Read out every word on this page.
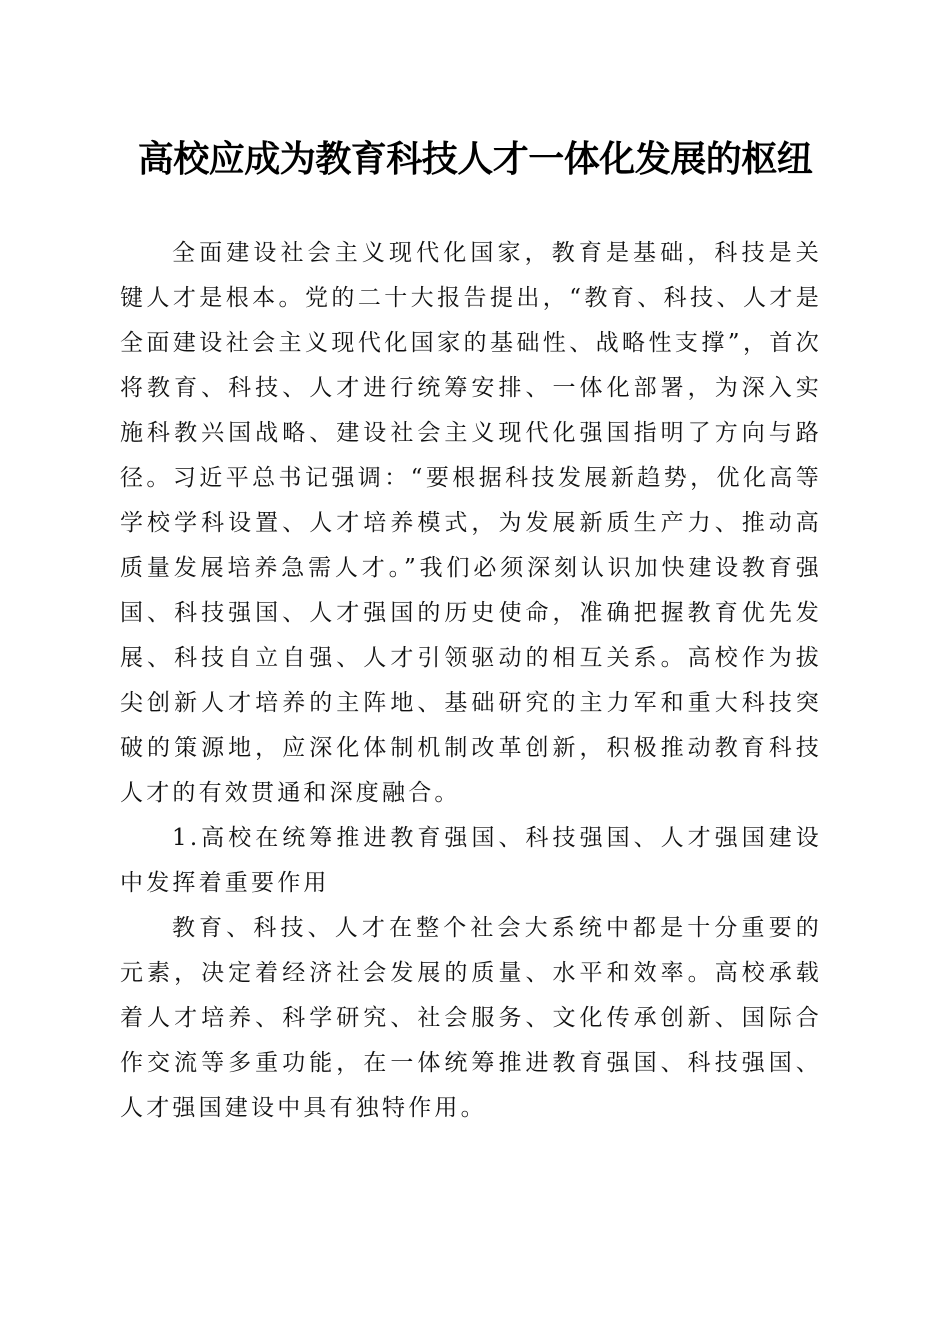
高校应成为教育科技人才一体化发展的枢纽

全面建设社会主义现代化国家，教育是基础，科技是关键人才是根本。党的二十大报告提出，“教育、科技、人才是全面建设社会主义现代化国家的基础性、战略性支撑”，首次将教育、科技、人才进行统筹安排、一体化部署，为深入实施科教兴国战略、建设社会主义现代化强国指明了方向与路径。习近平总书记强调：“要根据科技发展新趋势，优化高等学校学科设置、人才培养模式，为发展新质生产力、推动高质量发展培养急需人才。”我们必须深刻认识加快建设教育强国、科技强国、人才强国的历史使命，准确把握教育优先发展、科技自立自强、人才引领驱动的相互关系。高校作为拔尖创新人才培养的主阵地、基础研究的主力军和重大科技突破的策源地，应深化体制机制改革创新，积极推动教育科技人才的有效贯通和深度融合。

1.高校在统筹推进教育强国、科技强国、人才强国建设中发挥着重要作用

教育、科技、人才在整个社会大系统中都是十分重要的元素，决定着经济社会发展的质量、水平和效率。高校承载着人才培养、科学研究、社会服务、文化传承创新、国际合作交流等多重功能，在一体统筹推进教育强国、科技强国、人才强国建设中具有独特作用。
